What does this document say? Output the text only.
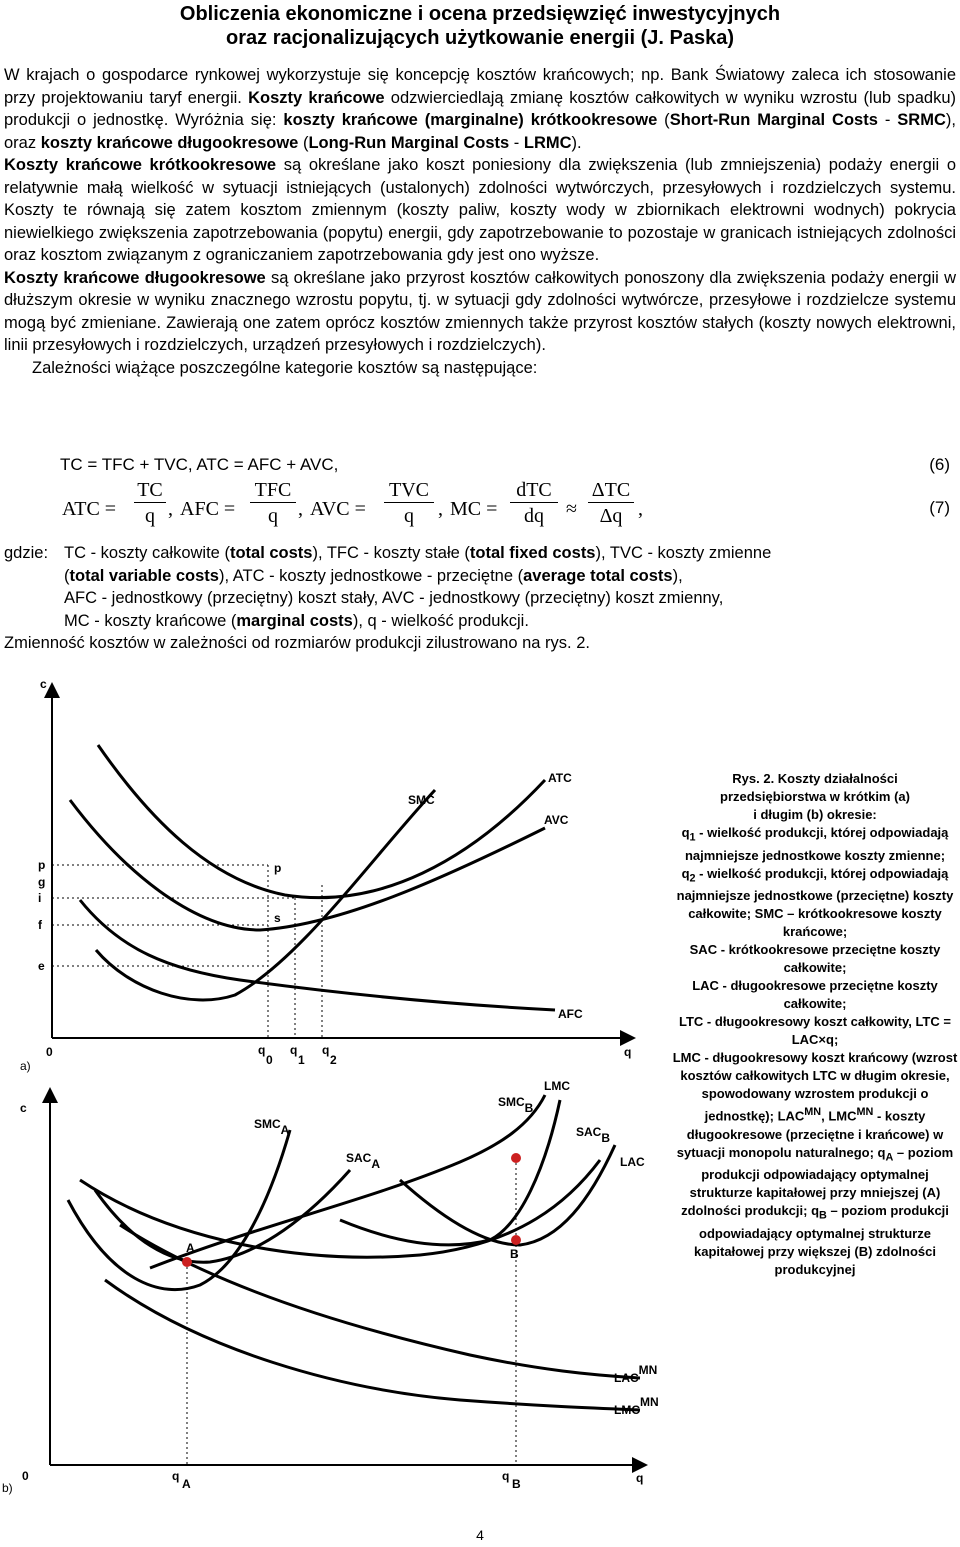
Obliczenia ekonomiczne i ocena przedsięwzięć inwestycyjnych
oraz racjonalizujących użytkowanie energii (J. Paska)

W krajach o gospodarce rynkowej wykorzystuje się koncepcję kosztów krańcowych; np. Bank Światowy zaleca ich stosowanie przy projektowaniu taryf energii. Koszty krańcowe odzwierciedlają zmianę kosztów całkowitych w wyniku wzrostu (lub spadku) produkcji o jednostkę. Wyróżnia się: koszty krańcowe (marginalne) krótkookresowe (Short-Run Marginal Costs - SRMC), oraz koszty krańcowe długookresowe (Long-Run Marginal Costs - LRMC).

Koszty krańcowe krótkookresowe są określane jako koszt poniesiony dla zwiększenia (lub zmniejszenia) podaży energii o relatywnie małą wielkość w sytuacji istniejących (ustalonych) zdolności wytwórczych, przesyłowych i rozdzielczych systemu. Koszty te równają się zatem kosztom zmiennym (koszty paliw, koszty wody w zbiornikach elektrowni wodnych) pokrycia niewielkiego zwiększenia zapotrzebowania (popytu) energii, gdy zapotrzebowanie to pozostaje w granicach istniejących zdolności oraz kosztom związanym z ograniczaniem zapotrzebowania gdy jest ono wyższe.

Koszty krańcowe długookresowe są określane jako przyrost kosztów całkowitych ponoszony dla zwiększenia podaży energii w dłuższym okresie w wyniku znacznego wzrostu popytu, tj. w sytuacji gdy zdolności wytwórcze, przesyłowe i rozdzielcze systemu mogą być zmieniane. Zawierają one zatem oprócz kosztów zmiennych także przyrost kosztów stałych (koszty nowych elektrowni, linii przesyłowych i rozdzielczych, urządzeń przesyłowych i rozdzielczych).

Zależności wiążące poszczególne kategorie kosztów są następujące:

TC = TFC + TVC, ATC = AFC + AVC,	(6)
ATC = $\frac{TC}{q}$ , AFC =
TFC
q	, AVC =
TVC
q	, MC =
dTC
dq	≈
ΔTC
Δq ,	(7)
gdzie: TC - koszty całkowite (total costs), TFC - koszty stałe (total fixed costs), TVC - koszty zmienne
(total variable costs), ATC - koszty jednostkowe - przeciętne (average total costs),
AFC - jednostkowy (przeciętny) koszt stały, AVC - jednostkowy (przeciętny) koszt zmienny,
MC - koszty krańcowe (marginal costs), q - wielkość produkcji.
Zmienność kosztów w zależności od rozmiarów produkcji zilustrowano na rys. 2.
c
q
0
a)
p
g
i
f
e
p
s
q
0
q
1
q
2
ATC
SMC
AVC
AFC
c
q
0
b)
A	B
q
A
q
B
SMCA
SACA
SMCB
SACB
LMC
LAC
LACMN
LMCMN
Rys. 2. Koszty działalności
przedsiębiorstwa w krótkim (a)
i długim (b) okresie:
$q_1$ - wielkość produkcji, której odpowiadają najmniejsze jednostkowe koszty zmienne;
$q_2$ - wielkość produkcji, której odpowiadają najmniejsze jednostkowe (przeciętne) koszty całkowite; SMC – krótkookresowe koszty krańcowe;
SAC - krótkookresowe przeciętne koszty całkowite;
LAC - długookresowe przeciętne koszty całkowite;
LTC - długookresowy koszt całkowity, LTC = LAC×q;
LMC - długookresowy koszt krańcowy (wzrost kosztów całkowitych LTC w długim okresie, spowodowany wzrostem produkcji o jednostkę); $LAC^{MN}$, $LMC^{MN}$ - koszty długookresowe (przeciętne i krańcowe) w sytuacji monopolu naturalnego; $q_A$ – poziom produkcji odpowiadający optymalnej strukturze kapitałowej przy mniejszej (A) zdolności produkcji; $q_B$ – poziom produkcji odpowiadający optymalnej strukturze kapitałowej przy większej (B) zdolności produkcyjnej
4
